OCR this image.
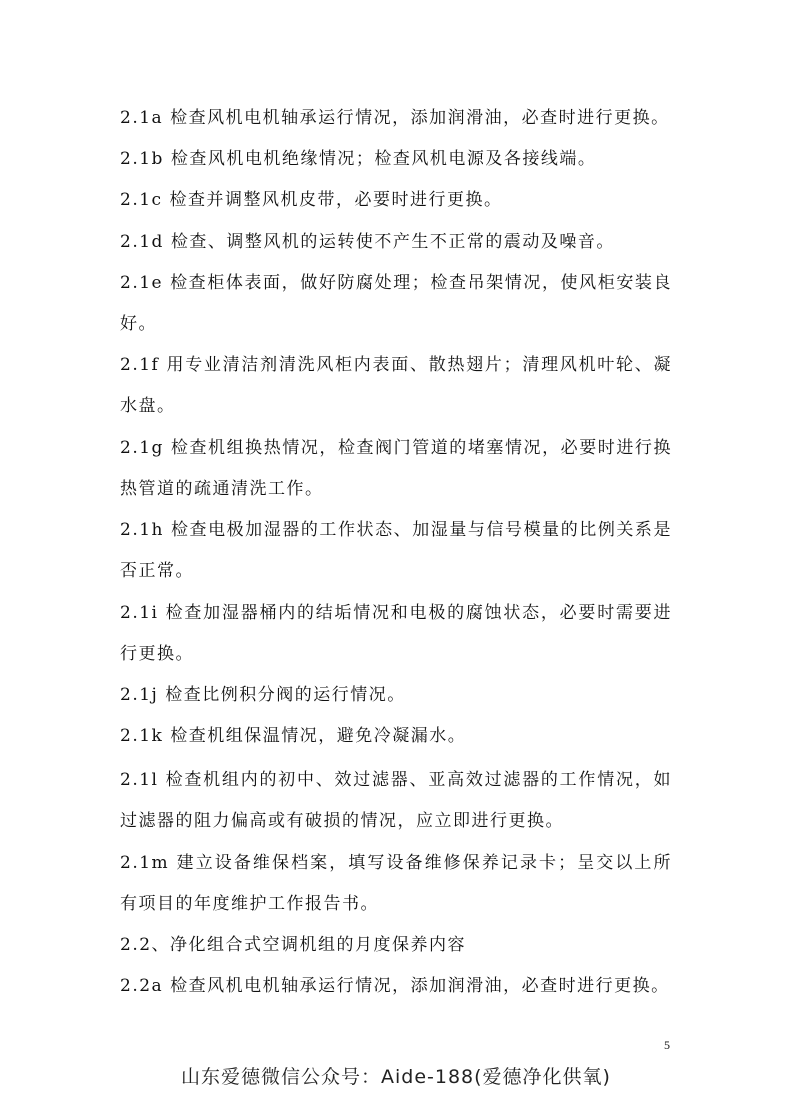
2.1a 检查风机电机轴承运行情况，添加润滑油，必查时进行更换。

2.1b 检查风机电机绝缘情况；检查风机电源及各接线端。

2.1c 检查并调整风机皮带，必要时进行更换。

2.1d 检查、调整风机的运转使不产生不正常的震动及噪音。

2.1e 检查柜体表面，做好防腐处理；检查吊架情况，使风柜安装良好。

2.1f 用专业清洁剂清洗风柜内表面、散热翅片；清理风机叶轮、凝水盘。

2.1g 检查机组换热情况，检查阀门管道的堵塞情况，必要时进行换热管道的疏通清洗工作。

2.1h 检查电极加湿器的工作状态、加湿量与信号模量的比例关系是否正常。

2.1i 检查加湿器桶内的结垢情况和电极的腐蚀状态，必要时需要进行更换。

2.1j 检查比例积分阀的运行情况。

2.1k 检查机组保温情况，避免冷凝漏水。

2.1l 检查机组内的初中、效过滤器、亚高效过滤器的工作情况，如过滤器的阻力偏高或有破损的情况，应立即进行更换。

2.1m 建立设备维保档案，填写设备维修保养记录卡；呈交以上所有项目的年度维护工作报告书。

2.2、净化组合式空调机组的月度保养内容

2.2a 检查风机电机轴承运行情况，添加润滑油，必查时进行更换。

5
山东爱德微信公众号：Aide-188(爱德净化供氧)
